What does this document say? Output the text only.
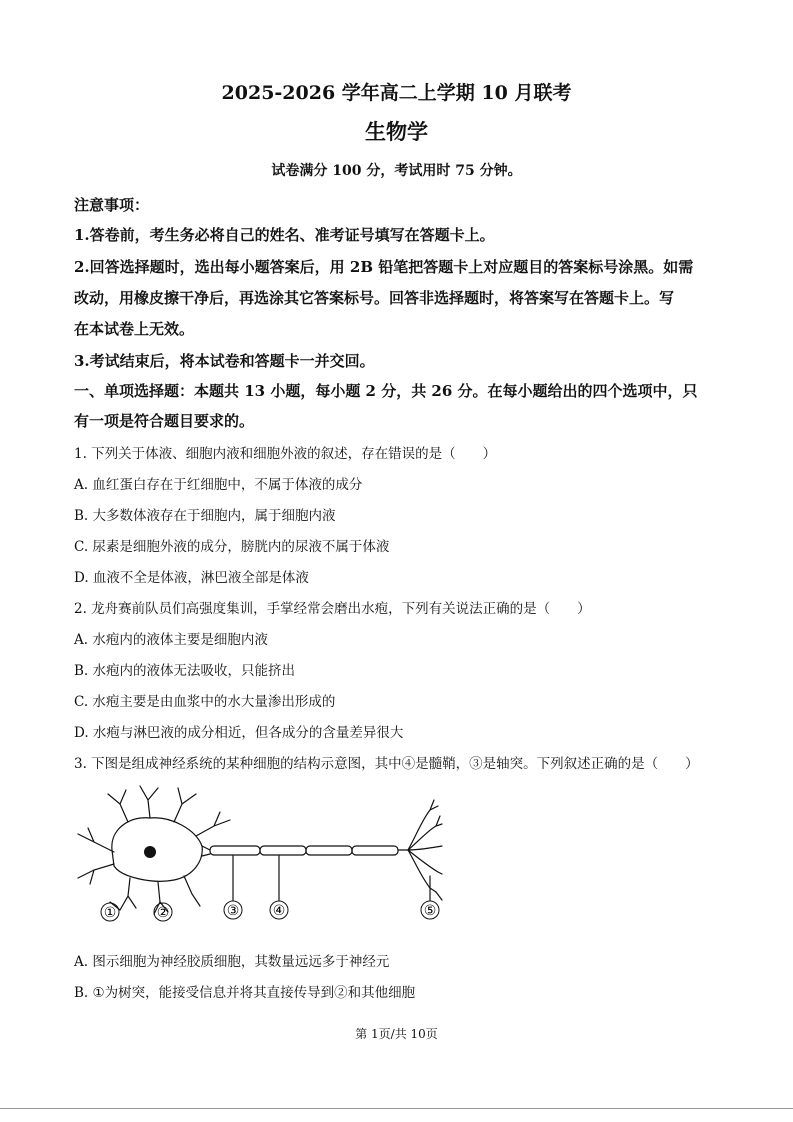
2025-2026 学年高二上学期 10 月联考
生物学
试卷满分 100 分，考试用时 75 分钟。
注意事项：
1.答卷前，考生务必将自己的姓名、准考证号填写在答题卡上。
2.回答选择题时，选出每小题答案后，用 2B 铅笔把答题卡上对应题目的答案标号涂黑。如需
改动，用橡皮擦干净后，再选涂其它答案标号。回答非选择题时，将答案写在答题卡上。写
在本试卷上无效。
3.考试结束后，将本试卷和答题卡一并交回。
一、单项选择题：本题共 13 小题，每小题 2 分，共 26 分。在每小题给出的四个选项中，只
有一项是符合题目要求的。
1. 下列关于体液、细胞内液和细胞外液的叙述，存在错误的是（　　）
A. 血红蛋白存在于红细胞中，不属于体液的成分
B. 大多数体液存在于细胞内，属于细胞内液
C. 尿素是细胞外液的成分，膀胱内的尿液不属于体液
D. 血液不全是体液，淋巴液全部是体液
2. 龙舟赛前队员们高强度集训，手掌经常会磨出水疱，下列有关说法正确的是（　　）
A. 水疱内的液体主要是细胞内液
B. 水疱内的液体无法吸收，只能挤出
C. 水疱主要是由血浆中的水大量渗出形成的
D. 水疱与淋巴液的成分相近，但各成分的含量差异很大
3. 下图是组成神经系统的某种细胞的结构示意图，其中④是髓鞘，③是轴突。下列叙述正确的是（　　）
①	②	③ ④	⑤
A. 图示细胞为神经胶质细胞，其数量远远多于神经元
B. ①为树突，能接受信息并将其直接传导到②和其他细胞
第 1页/共 10页
